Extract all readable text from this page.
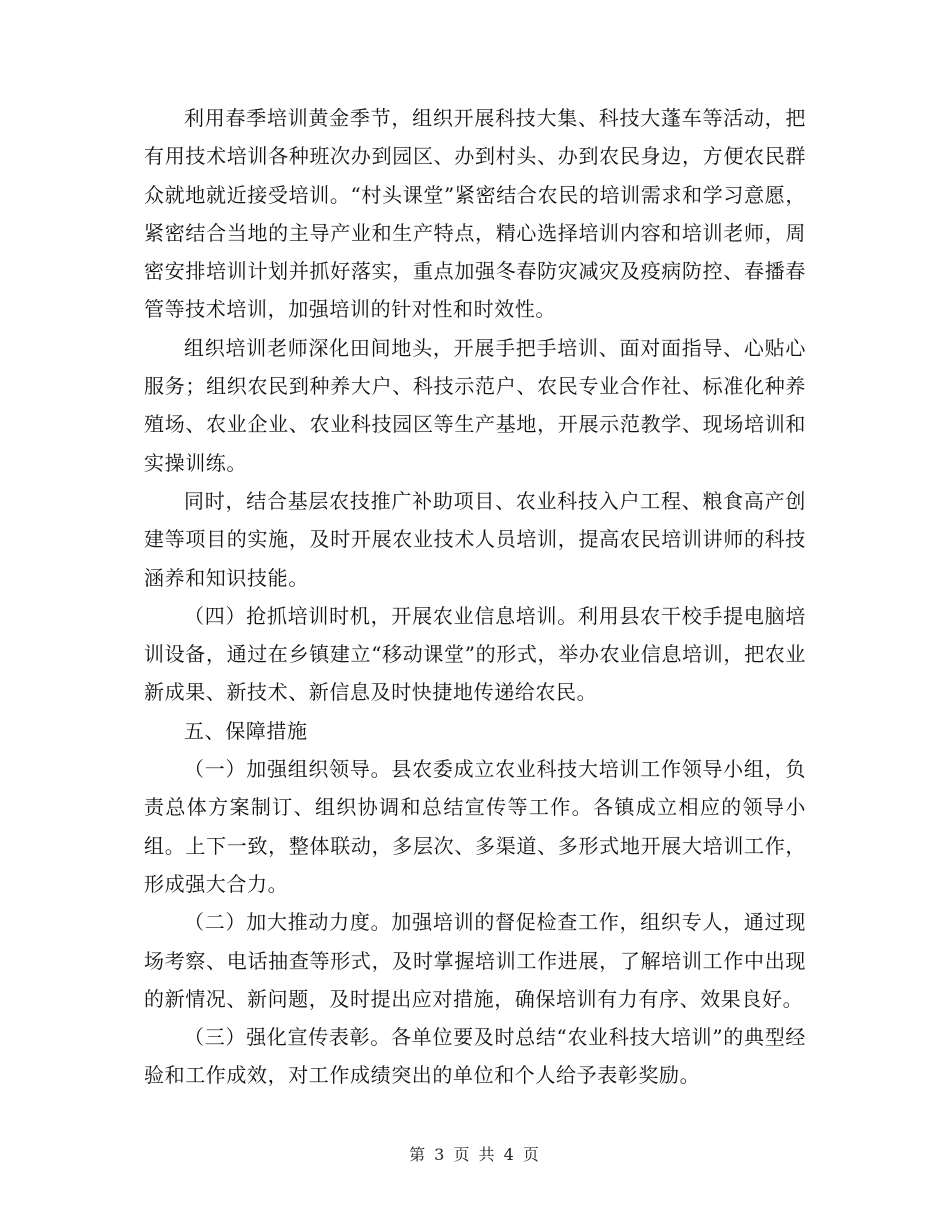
利用春季培训黄金季节，组织开展科技大集、科技大蓬车等活动，把有用技术培训各种班次办到园区、办到村头、办到农民身边，方便农民群众就地就近接受培训。“村头课堂”紧密结合农民的培训需求和学习意愿，紧密结合当地的主导产业和生产特点，精心选择培训内容和培训老师，周密安排培训计划并抓好落实，重点加强冬春防灾减灾及疫病防控、春播春管等技术培训，加强培训的针对性和时效性。

组织培训老师深化田间地头，开展手把手培训、面对面指导、心贴心服务；组织农民到种养大户、科技示范户、农民专业合作社、标准化种养殖场、农业企业、农业科技园区等生产基地，开展示范教学、现场培训和实操训练。

同时，结合基层农技推广补助项目、农业科技入户工程、粮食高产创建等项目的实施，及时开展农业技术人员培训，提高农民培训讲师的科技涵养和知识技能。

（四）抢抓培训时机，开展农业信息培训。利用县农干校手提电脑培训设备，通过在乡镇建立“移动课堂”的形式，举办农业信息培训，把农业新成果、新技术、新信息及时快捷地传递给农民。

五、保障措施

（一）加强组织领导。县农委成立农业科技大培训工作领导小组，负责总体方案制订、组织协调和总结宣传等工作。各镇成立相应的领导小组。上下一致，整体联动，多层次、多渠道、多形式地开展大培训工作，形成强大合力。

（二）加大推动力度。加强培训的督促检查工作，组织专人，通过现场考察、电话抽查等形式，及时掌握培训工作进展，了解培训工作中出现的新情况、新问题，及时提出应对措施，确保培训有力有序、效果良好。

（三）强化宣传表彰。各单位要及时总结“农业科技大培训”的典型经验和工作成效，对工作成绩突出的单位和个人给予表彰奖励。

第 3 页 共 4 页
